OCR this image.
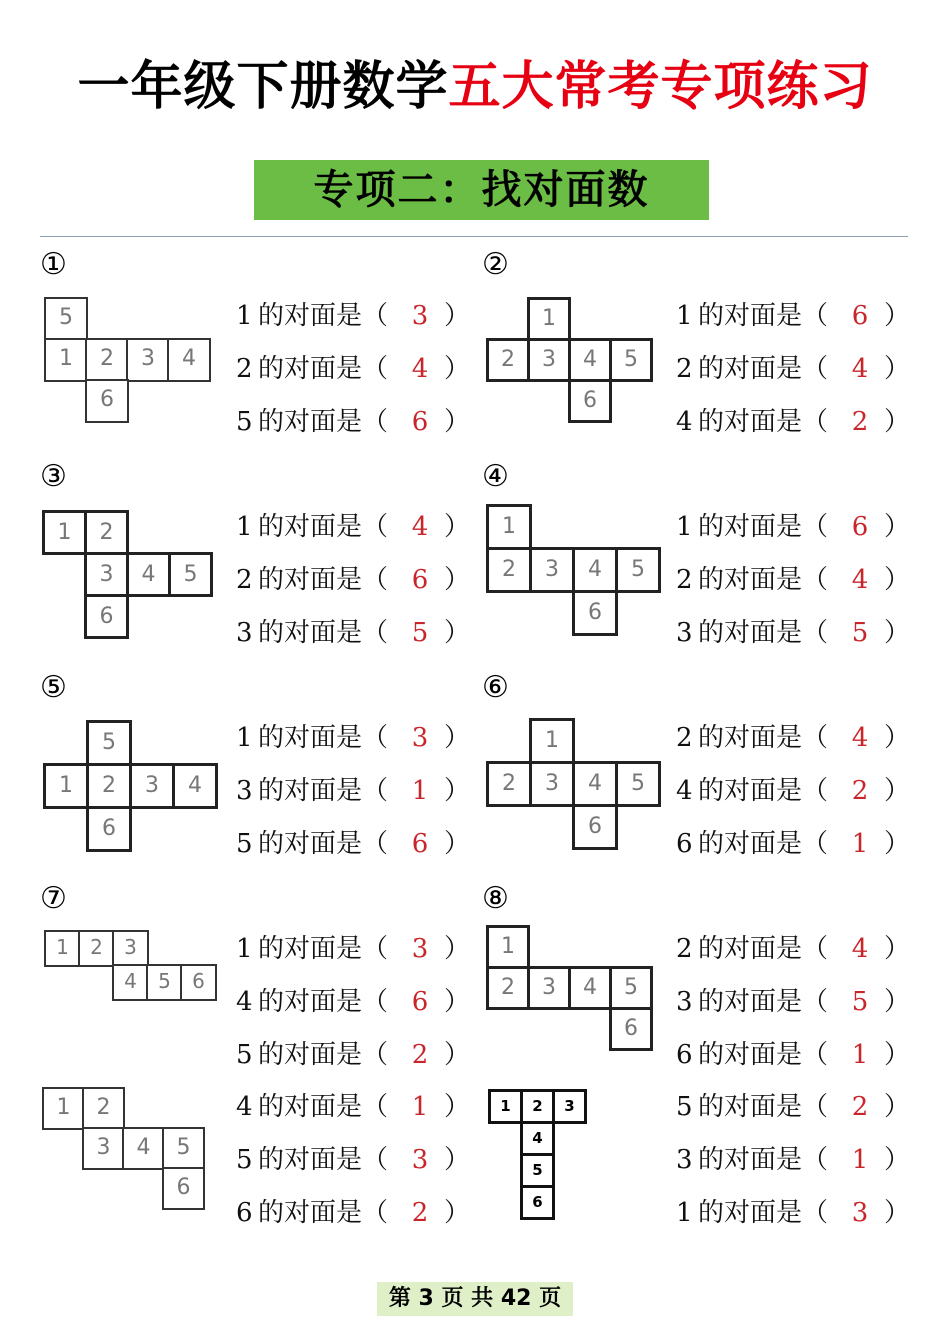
一年级下册数学五大常考专项练习
专项二：找对面数
①
5
1	2	3	4
6
1 的对面是（ 3 ）
2 的对面是（ 4 ）
5 的对面是（ 6 ）
②
1
2	3	4	5
6
1 的对面是（ 6 ）
2 的对面是（ 4 ）
4 的对面是（ 2 ）
③
1	2
3	4	5
6
1 的对面是（ 4 ）
2 的对面是（ 6 ）
3 的对面是（ 5 ）
④
1
2	3	4	5
6
1 的对面是（ 6 ）
2 的对面是（ 4 ）
3 的对面是（ 5 ）
⑤
5
1	2	3	4
6
1 的对面是（ 3 ）
3 的对面是（ 1 ）
5 的对面是（ 6 ）
⑥
1
2	3	4	5
6
2 的对面是（ 4 ）
4 的对面是（ 2 ）
6 的对面是（ 1 ）
⑦
1	2	3
4	5	6
1 的对面是（ 3 ）
4 的对面是（ 6 ）
5 的对面是（ 2 ）
⑧
1
2	3	4	5
6
2 的对面是（ 4 ）
3 的对面是（ 5 ）
6 的对面是（ 1 ）
1	2
3	4	5
6
4 的对面是（ 1 ）
5 的对面是（ 3 ）
6 的对面是（ 2 ）
1	2	3
4
5
6
5 的对面是（ 2 ）
3 的对面是（ 1 ）
1 的对面是（ 3 ）
第 3 页 共 42 页
